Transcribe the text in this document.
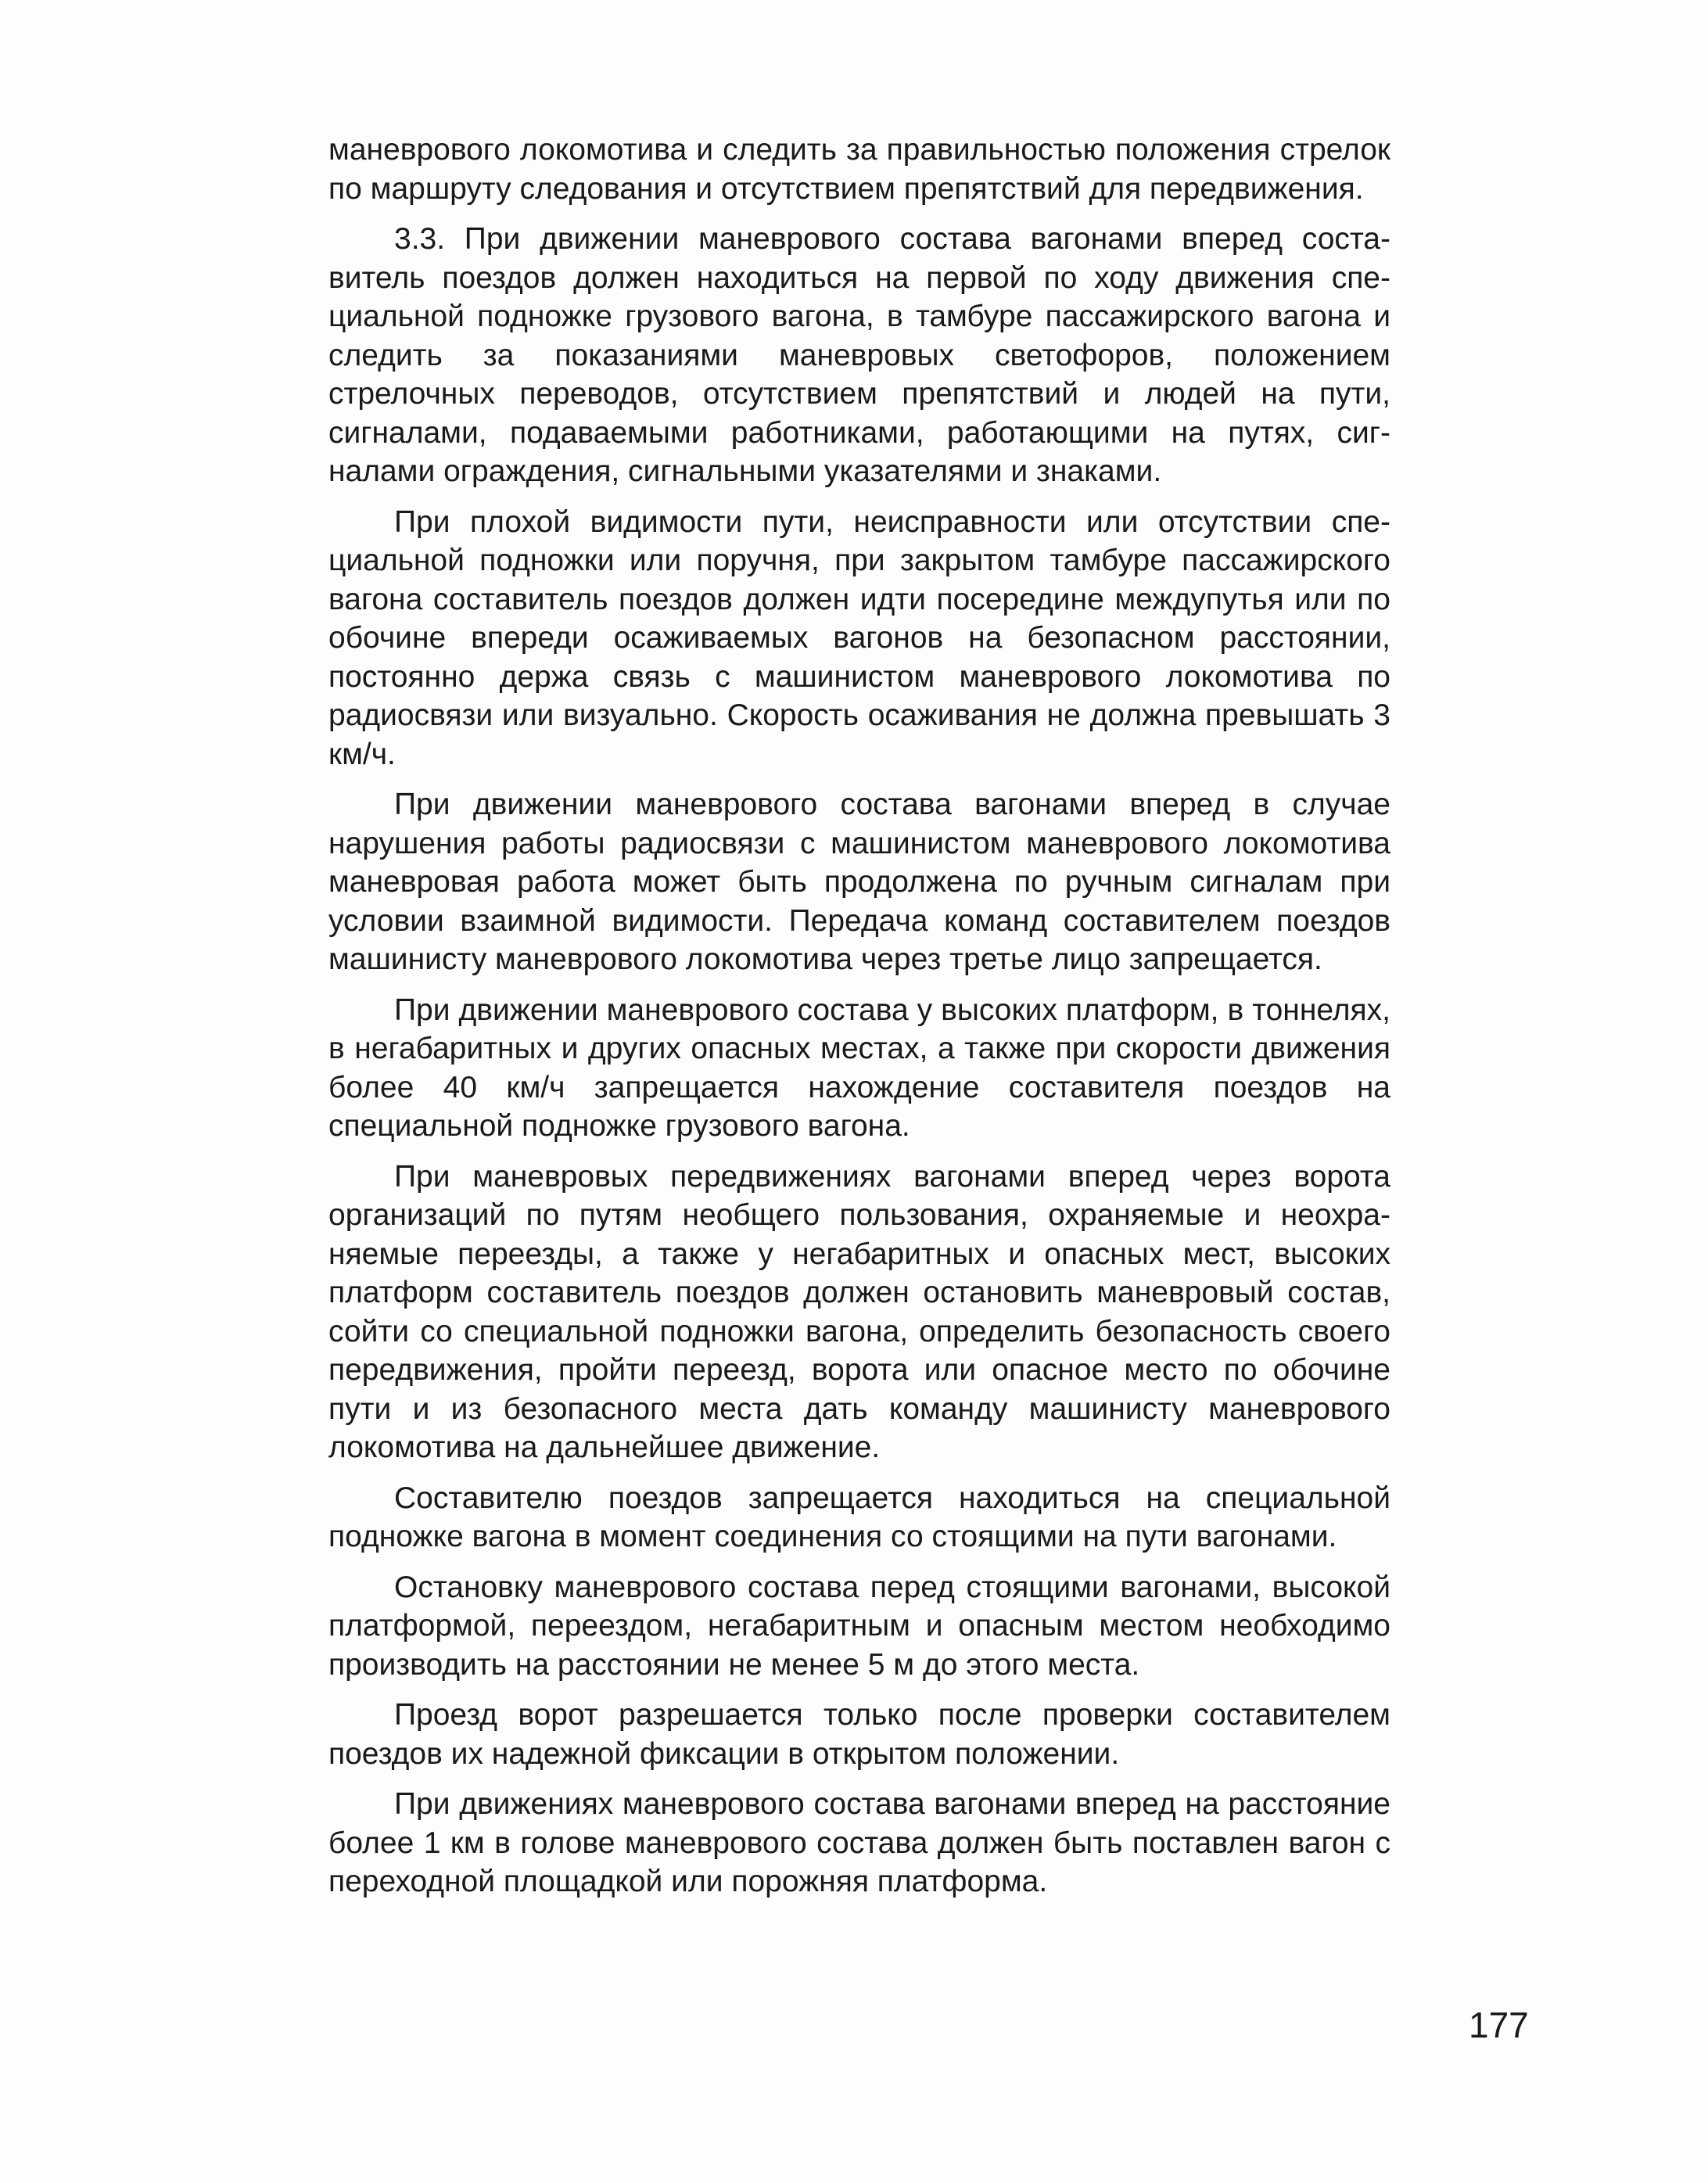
маневрового локомотива и следить за правильностью положения стрелок по маршруту следования и отсутствием препятствий для передвижения.

3.3. При движении маневрового состава вагонами вперед составитель поездов должен находиться на первой по ходу движения специальной подножке грузового вагона, в тамбуре пассажирского вагона и следить за показаниями маневровых светофоров, положением стрелочных переводов, отсутствием препятствий и людей на пути, сигналами, подаваемыми работниками, работающими на путях, сигналами ограждения, сигнальными указателями и знаками.

При плохой видимости пути, неисправности или отсутствии специальной подножки или поручня, при закрытом тамбуре пассажирского вагона составитель поездов должен идти посередине междупутья или по обочине впереди осаживаемых вагонов на безопасном расстоянии, постоянно держа связь с машинистом маневрового локомотива по радиосвязи или визуально. Скорость осаживания не должна превышать 3 км/ч.

При движении маневрового состава вагонами вперед в случае нарушения работы радиосвязи с машинистом маневрового локомотива маневровая работа может быть продолжена по ручным сигналам при условии взаимной видимости. Передача команд составителем поездов машинисту маневрового локомотива через третье лицо запрещается.

При движении маневрового состава у высоких платформ, в тоннелях, в негабаритных и других опасных местах, а также при скорости движения более 40 км/ч запрещается нахождение составителя поездов на специальной подножке грузового вагона.

При маневровых передвижениях вагонами вперед через ворота организаций по путям необщего пользования, охраняемые и неохраняемые переезды, а также у негабаритных и опасных мест, высоких платформ составитель поездов должен остановить маневровый состав, сойти со специальной подножки вагона, определить безопасность своего передвижения, пройти переезд, ворота или опасное место по обочине пути и из безопасного места дать команду машинисту маневрового локомотива на дальнейшее движение.

Составителю поездов запрещается находиться на специальной подножке вагона в момент соединения со стоящими на пути вагонами.

Остановку маневрового состава перед стоящими вагонами, высокой платформой, переездом, негабаритным и опасным местом необходимо производить на расстоянии не менее 5 м до этого места.

Проезд ворот разрешается только после проверки составителем поездов их надежной фиксации в открытом положении.

При движениях маневрового состава вагонами вперед на расстояние более 1 км в голове маневрового состава должен быть поставлен вагон с переходной площадкой или порожняя платформа.

177
